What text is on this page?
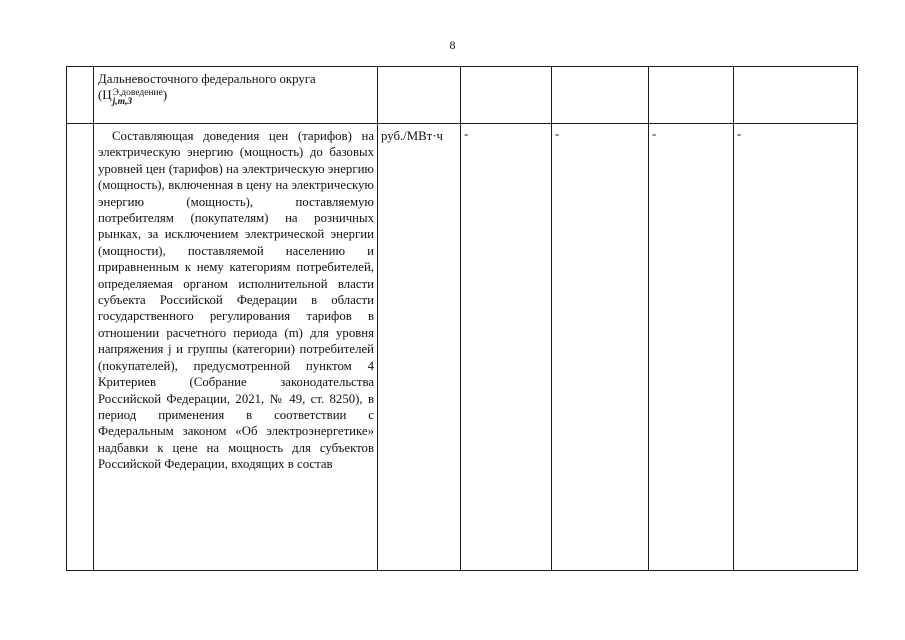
8
	Дальневосточного федерального округа
(Ц Э,доведение
j,m,3 )					
	Составляющая доведения цен (тарифов) на электрическую энергию (мощность) до базовых уровней цен (тарифов) на электрическую энергию (мощность), включенная в цену на электрическую энергию (мощность), поставляемую потребителям (покупателям) на розничных рынках, за исключением электрической энергии (мощности), поставляемой населению и приравненным к нему категориям потребителей, определяемая органом исполнительной власти субъекта Российской Федерации в области государственного регулирования тарифов в отношении расчетного периода (m) для уровня напряжения j и группы (категории) потребителей (покупателей), предусмотренной пунктом 4 Критериев (Собрание законодательства Российской Федерации, 2021, № 49, ст. 8250), в период применения в соответствии с Федеральным законом «Об электроэнергетике» надбавки к цене на мощность для субъектов Российской Федерации, входящих в состав	руб./МВт·ч	-	-	-	-
